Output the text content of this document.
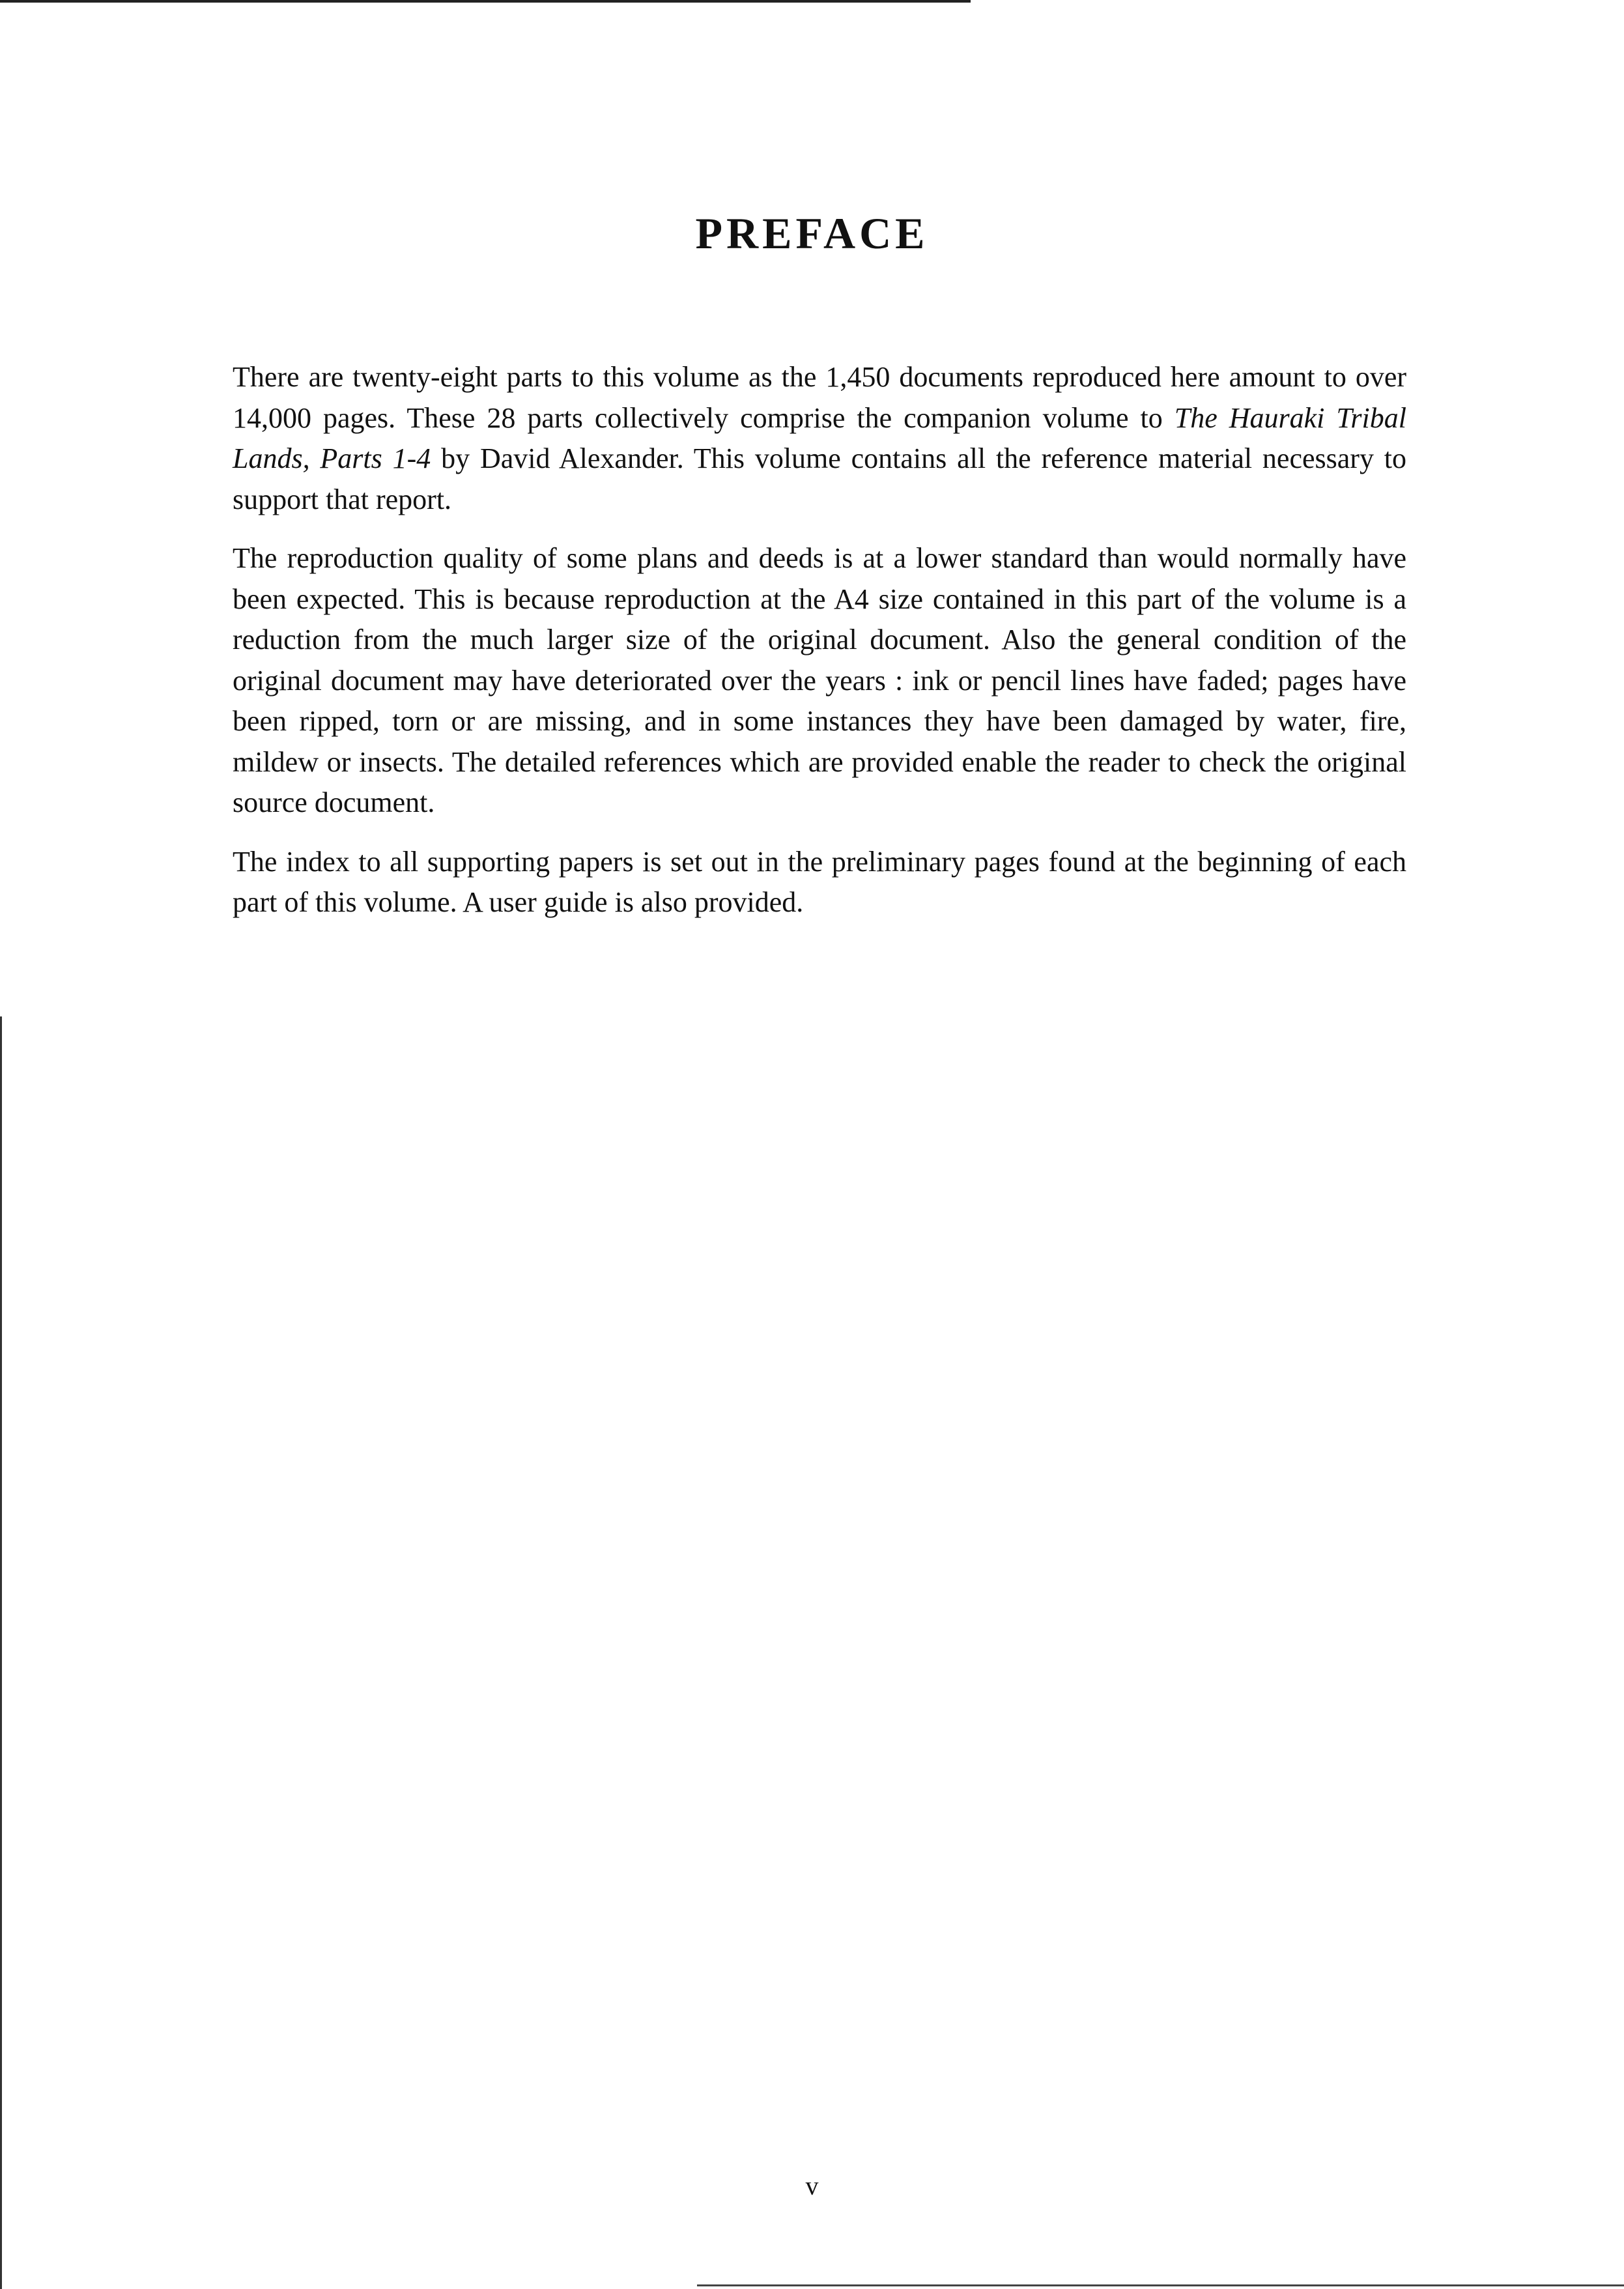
PREFACE

There are twenty-eight parts to this volume as the 1,450 documents reproduced here amount to over 14,000 pages. These 28 parts collectively comprise the companion volume to The Hauraki Tribal Lands, Parts 1-4 by David Alexander. This volume contains all the reference material necessary to support that report.

The reproduction quality of some plans and deeds is at a lower standard than would normally have been expected. This is because reproduction at the A4 size contained in this part of the volume is a reduction from the much larger size of the original document. Also the general condition of the original document may have deteriorated over the years : ink or pencil lines have faded; pages have been ripped, torn or are missing, and in some instances they have been damaged by water, fire, mildew or insects. The detailed references which are provided enable the reader to check the original source document.

The index to all supporting papers is set out in the preliminary pages found at the beginning of each part of this volume. A user guide is also provided.

v
